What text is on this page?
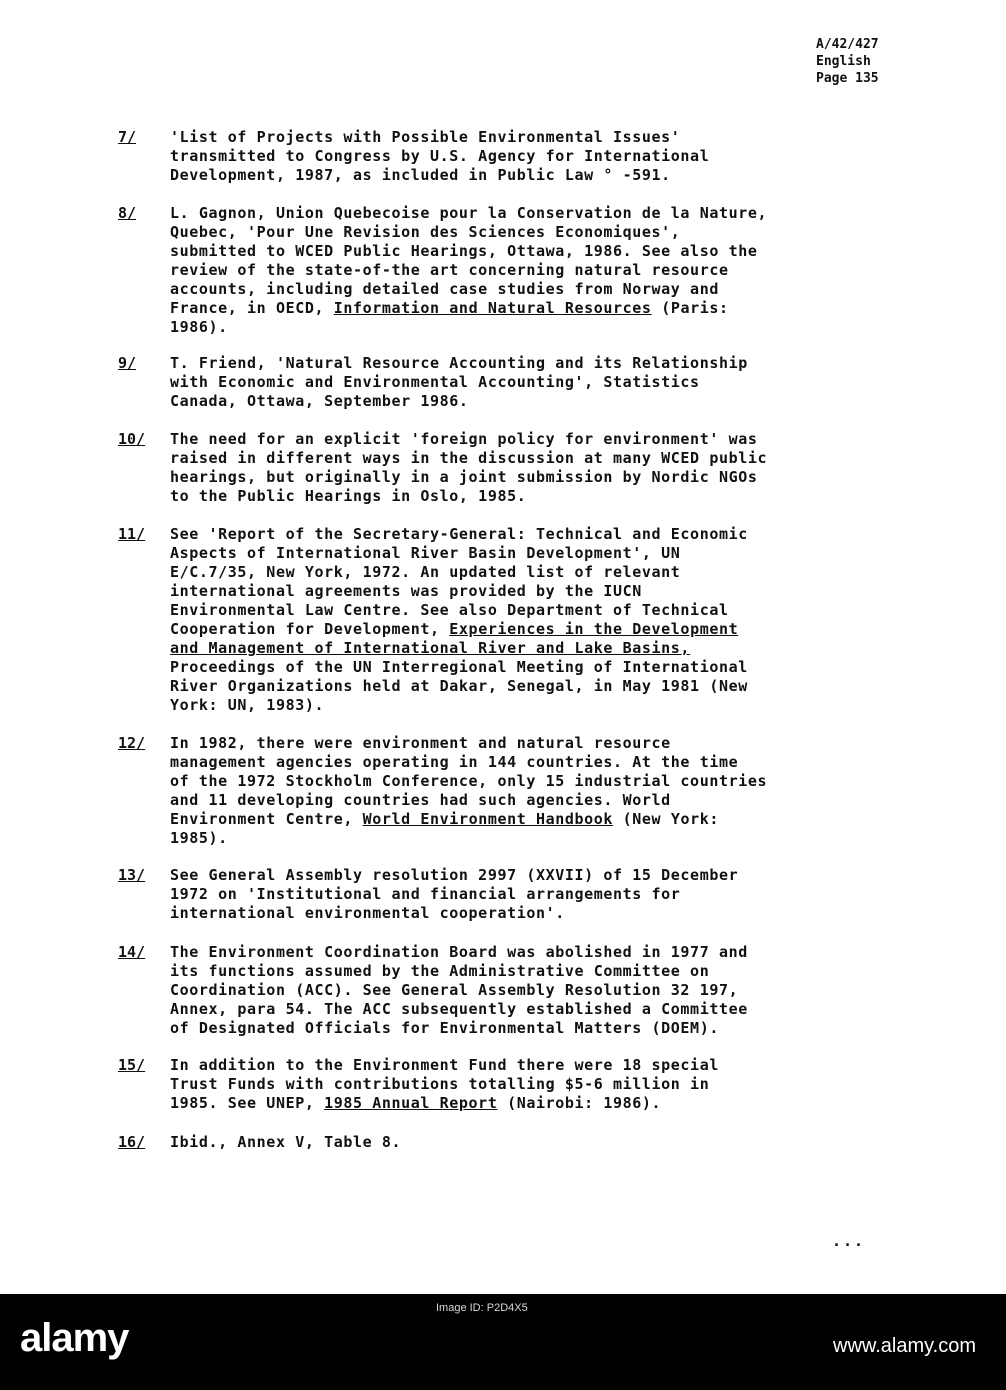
A/42/427
English
Page 135
7/ 'List of Projects with Possible Environmental Issues'
transmitted to Congress by U.S. Agency for International
Development, 1987, as included in Public Law ° -591.
8/ L. Gagnon, Union Quebecoise pour la Conservation de la Nature,
Quebec, 'Pour Une Revision des Sciences Economiques',
submitted to WCED Public Hearings, Ottawa, 1986. See also the
review of the state-of-the art concerning natural resource
accounts, including detailed case studies from Norway and
France, in OECD, Information and Natural Resources (Paris:
1986).
9/ T. Friend, 'Natural Resource Accounting and its Relationship
with Economic and Environmental Accounting', Statistics
Canada, Ottawa, September 1986.
10/ The need for an explicit 'foreign policy for environment' was
raised in different ways in the discussion at many WCED public
hearings, but originally in a joint submission by Nordic NGOs
to the Public Hearings in Oslo, 1985.
11/ See 'Report of the Secretary-General: Technical and Economic
Aspects of International River Basin Development', UN
E/C.7/35, New York, 1972. An updated list of relevant
international agreements was provided by the IUCN
Environmental Law Centre. See also Department of Technical
Cooperation for Development, Experiences in the Development
and Management of International River and Lake Basins,
Proceedings of the UN Interregional Meeting of International
River Organizations held at Dakar, Senegal, in May 1981 (New
York: UN, 1983).
12/ In 1982, there were environment and natural resource
management agencies operating in 144 countries. At the time
of the 1972 Stockholm Conference, only 15 industrial countries
and 11 developing countries had such agencies. World
Environment Centre, World Environment Handbook (New York:
1985).
13/ See General Assembly resolution 2997 (XXVII) of 15 December
1972 on 'Institutional and financial arrangements for
international environmental cooperation'.
14/ The Environment Coordination Board was abolished in 1977 and
its functions assumed by the Administrative Committee on
Coordination (ACC). See General Assembly Resolution 32 197,
Annex, para 54. The ACC subsequently established a Committee
of Designated Officials for Environmental Matters (DOEM).
15/ In addition to the Environment Fund there were 18 special
Trust Funds with contributions totalling $5-6 million in
1985. See UNEP, 1985 Annual Report (Nairobi: 1986).
16/ Ibid., Annex V, Table 8.
...
alamy
Image ID: P2D4X5
www.alamy.com
